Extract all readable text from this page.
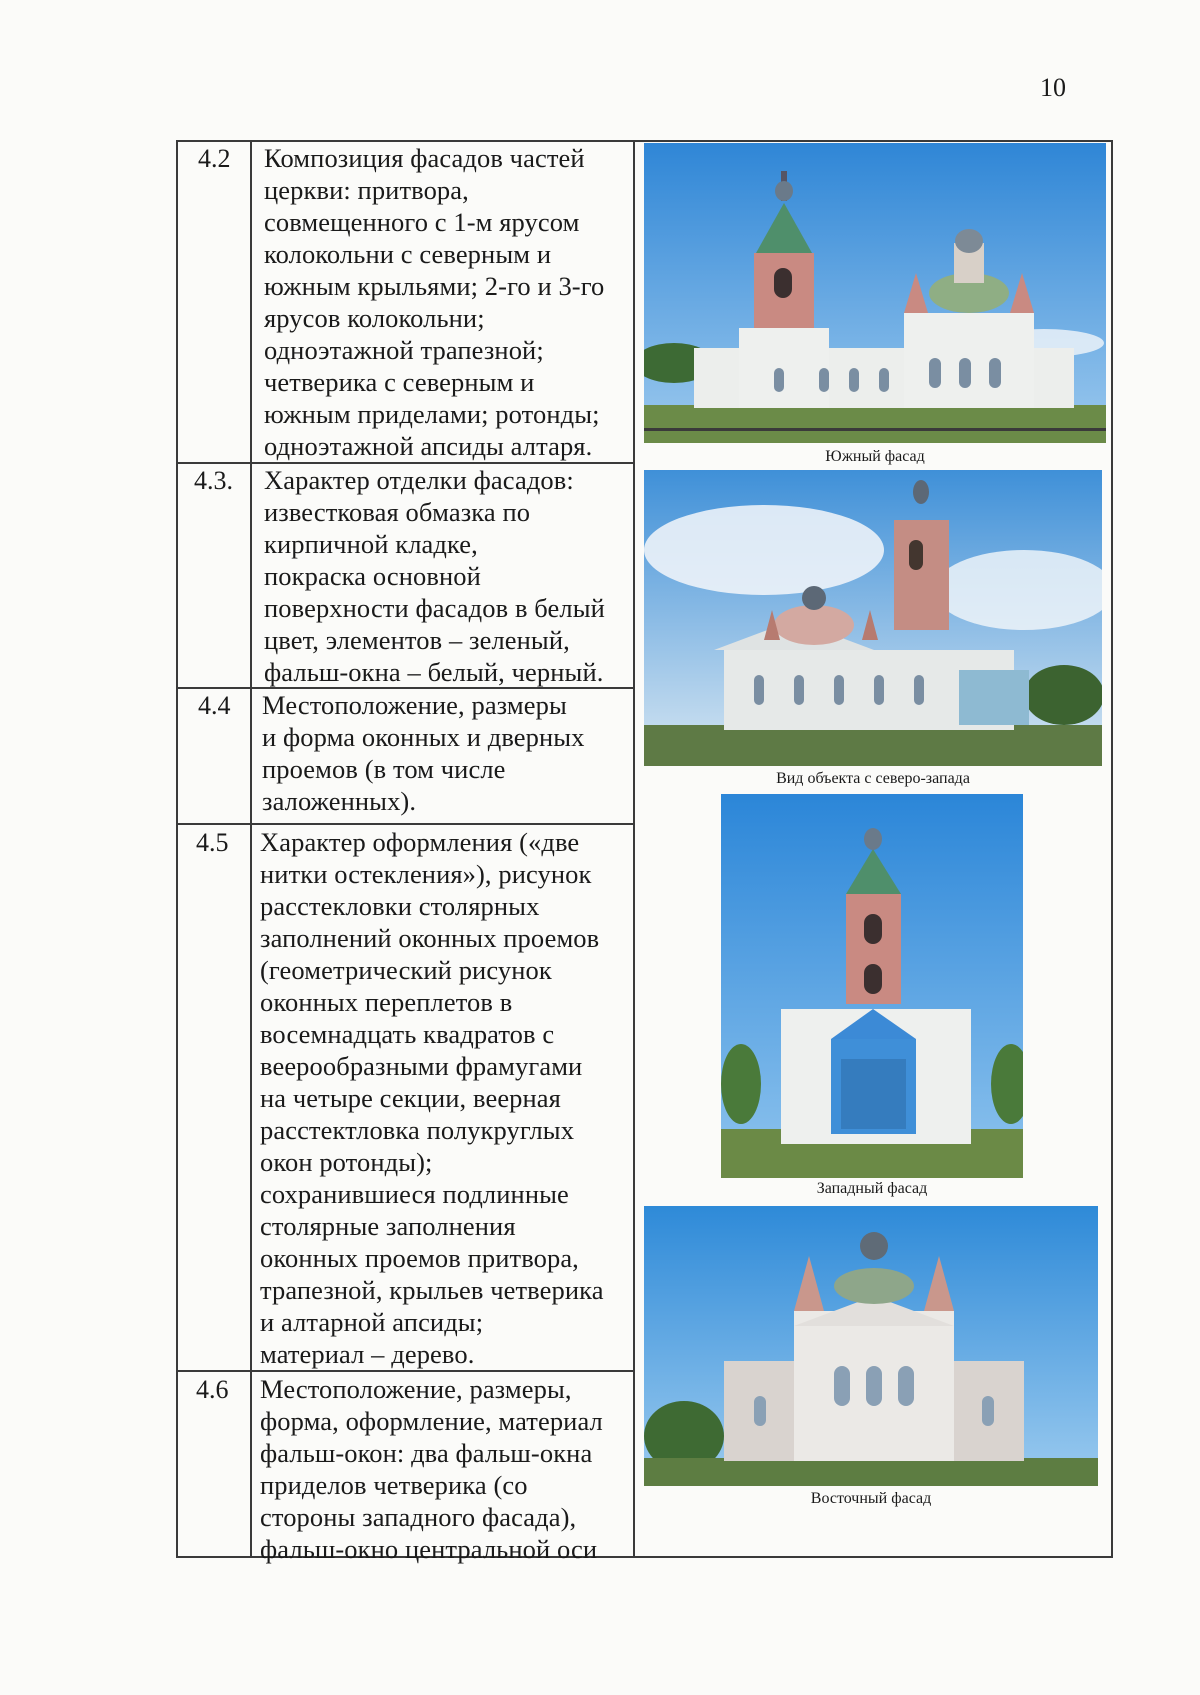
10
4.2 Композиция фасадов частей
церкви: притвора,
совмещенного с 1-м ярусом
колокольни с северным и
южным крыльями; 2-го и 3-го
ярусов колокольни;
одноэтажной трапезной;
четверика с северным и
южным приделами; ротонды;
одноэтажной апсиды алтаря.
4.3. Характер отделки фасадов:
известковая обмазка по
кирпичной кладке,
покраска основной
поверхности фасадов в белый
цвет, элементов – зеленый,
фальш-окна – белый, черный.
4.4 Местоположение, размеры
и форма оконных и дверных
проемов (в том числе
заложенных).
4.5 Характер оформления («две
нитки остекления»), рисунок
расстекловки столярных
заполнений оконных проемов
(геометрический рисунок
оконных переплетов в
восемнадцать квадратов с
веерообразными фрамугами
на четыре секции, веерная
расстектловка полукруглых
окон ротонды);
сохранившиеся подлинные
столярные заполнения
оконных проемов притвора,
трапезной, крыльев четверика
и алтарной апсиды;
материал – дерево.
4.6 Местоположение, размеры,
форма, оформление, материал
фальш-окон: два фальш-окна
приделов четверика (со
стороны западного фасада),
фальш-окно центральной оси
Южный фасад
Вид объекта с северо-запада
Западный фасад
Восточный фасад
